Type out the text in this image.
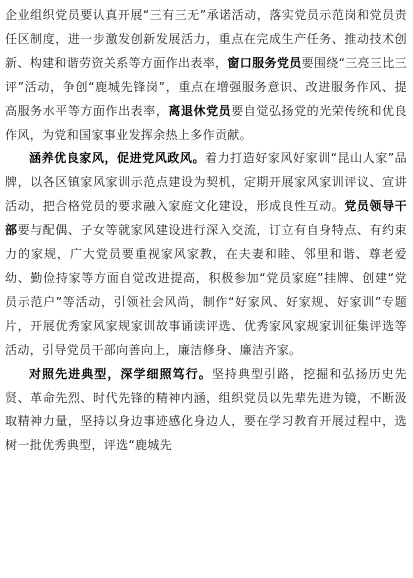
企业组织党员要认真开展“三有三无”承诺活动，落实党员示范岗和党员责任区制度，进一步激发创新发展活力，重点在完成生产任务、推动技术创新、构建和谐劳资关系等方面作出表率，窗口服务党员要围绕“三亮三比三评”活动，争创“鹿城先锋岗”，重点在增强服务意识、改进服务作风、提高服务水平等方面作出表率，离退休党员要自觉弘扬党的光荣传统和优良作风，为党和国家事业发挥余热上多作贡献。

涵养优良家风，促进党风政风。着力打造好家风好家训“昆山人家”品牌，以各区镇家风家训示范点建设为契机，定期开展家风家训评议、宣讲活动，把合格党员的要求融入家庭文化建设，形成良性互动。党员领导干部要与配偶、子女等就家风建设进行深入交流，订立有自身特点、有约束力的家规，广大党员要重视家风家教，在夫妻和睦、邻里和谐、尊老爱幼、勤俭持家等方面自觉改进提高，积极参加“党员家庭”挂牌、创建“党员示范户”等活动，引领社会风尚，制作“好家风、好家规、好家训”专题片，开展优秀家风家规家训故事诵读评选、优秀家风家规家训征集评选等活动，引导党员干部向善向上，廉洁修身、廉洁齐家。

对照先进典型，深学细照笃行。坚持典型引路，挖掘和弘扬历史先贤、革命先烈、时代先锋的精神内涵，组织党员以先辈先进为镜，不断汲取精神力量，坚持以身边事迹感化身边人，要在学习教育开展过程中，选树一批优秀典型，评选“鹿城先
